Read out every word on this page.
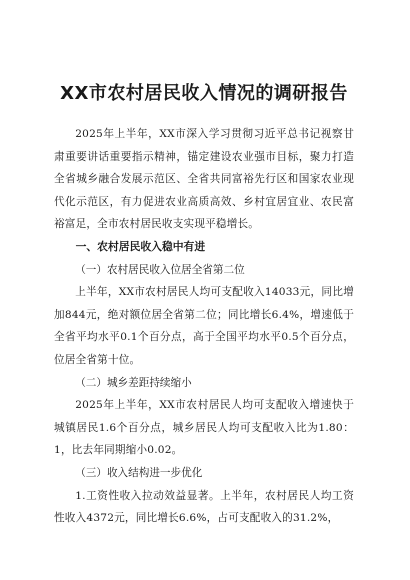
XX市农村居民收入情况的调研报告

2025年上半年，XX市深入学习贯彻习近平总书记视察甘肃重要讲话重要指示精神，锚定建设农业强市目标，聚力打造全省城乡融合发展示范区、全省共同富裕先行区和国家农业现代化示范区，有力促进农业高质高效、乡村宜居宜业、农民富裕富足，全市农村居民收支实现平稳增长。

一、农村居民收入稳中有进

（一）农村居民收入位居全省第二位

上半年，XX市农村居民人均可支配收入14033元，同比增加844元，绝对额位居全省第二位；同比增长6.4%，增速低于全省平均水平0.1个百分点，高于全国平均水平0.5个百分点，位居全省第十位。

（二）城乡差距持续缩小

2025年上半年，XX市农村居民人均可支配收入增速快于城镇居民1.6个百分点，城乡居民人均可支配收入比为1.80：1，比去年同期缩小0.02。

（三）收入结构进一步优化

1.工资性收入拉动效益显著。上半年，农村居民人均工资性收入4372元，同比增长6.6%，占可支配收入的31.2%，
